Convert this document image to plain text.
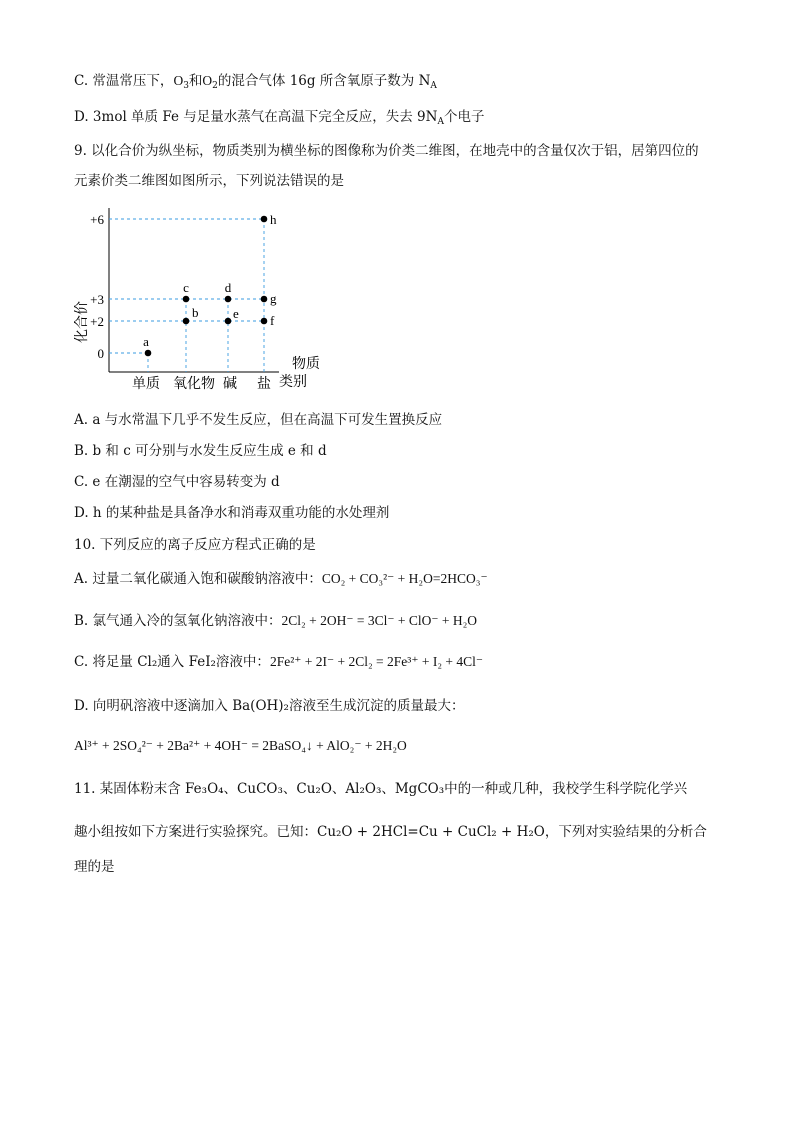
C. 常温常压下，$O_3$和$O_2$的混合气体 16g 所含氧原子数为 $N_A$
D. 3mol 单质 Fe 与足量水蒸气在高温下完全反应，失去 $9N_A$个电子
9. 以化合价为纵坐标，物质类别为横坐标的图像称为价类二维图，在地壳中的含量仅次于铝，居第四位的
元素价类二维图如图所示，下列说法错误的是
+6
+3
+2
0
单质 氧化物 碱 盐
a
b
c	d
e f
g
h
化合价
物质
类别
A. a 与水常温下几乎不发生反应，但在高温下可发生置换反应
B. b 和 c 可分别与水发生反应生成 e 和 d
C. e 在潮湿的空气中容易转变为 d
D. h 的某种盐是具备净水和消毒双重功能的水处理剂
10. 下列反应的离子反应方程式正确的是
A. 过量二氧化碳通入饱和碳酸钠溶液中：CO₂ + CO₃²⁻ + H₂O=2HCO₃⁻
B. 氯气通入冷的氢氧化钠溶液中：2Cl₂ + 2OH⁻ = 3Cl⁻ + ClO⁻ + H₂O
C. 将足量 Cl₂通入 FeI₂溶液中：2Fe²⁺ + 2I⁻ + 2Cl₂ = 2Fe³⁺ + I₂ + 4Cl⁻
D. 向明矾溶液中逐滴加入 Ba(OH)₂溶液至生成沉淀的质量最大：
Al³⁺ + 2SO₄²⁻ + 2Ba²⁺ + 4OH⁻ = 2BaSO₄↓ + AlO₂⁻ + 2H₂O
11. 某固体粉末含 Fe₃O₄、CuCO₃、Cu₂O、Al₂O₃、MgCO₃中的一种或几种，我校学生科学院化学兴
趣小组按如下方案进行实验探究。已知：Cu₂O + 2HCl=Cu + CuCl₂ + H₂O，下列对实验结果的分析合
理的是
